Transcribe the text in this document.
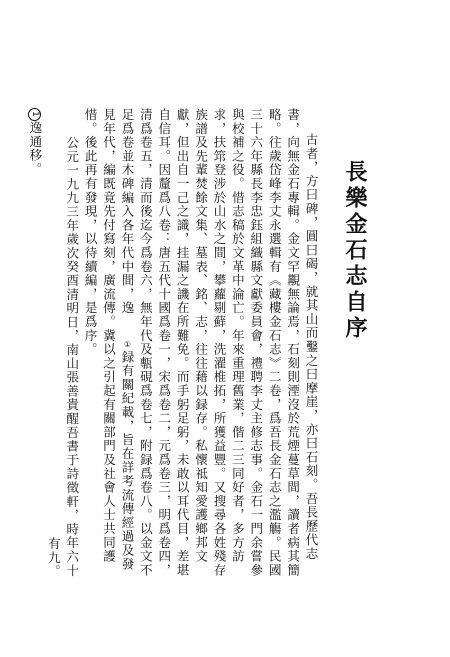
長樂金石志自序

古者，方曰碑，圓曰碣，就其山而鑿之曰摩崖，亦曰石刻。吾長歷代志書，向無金石專輯。金文罕覯無論焉，石刻則湮沒於荒煙蔓草間，讀者病其簡略。往歲岱峰李丈永選輯有《藏樓金石志》二卷，爲吾長金石志之濫觴。民國三十六年縣長李忠鈺組織縣文獻委員會，禮聘李丈主修志事。金石一門余嘗參與校補之役。惜志稿於文革中淪亡。年來重理舊業，偕二三同好者，多方訪求，扶筇登涉於山水之間，攀蘿剔蘚，洗濯椎拓，所獲益豐。又搜尋各姓殘存族譜及先輩焚餘文集、墓表、銘、志，往往藉以録存。私懷祗知愛護鄉邦文獻，但出自一己之識，挂漏之譏在所難免。而手躬足躬，未敢以耳代目，差堪自信耳。因釐爲八卷：唐五代十國爲卷一，宋爲卷二，元爲卷三，明爲卷四，清爲卷五，清而後迄今爲卷六，無年代及甎硯爲卷七，附録爲卷八。以金文不足爲卷並木碑編入各年代中間，逸①録有關紀載，旨在詳考流傳經過及發見年代，編既竟先付寫刻，廣流傳。冀以之引起有關部門及社會人士共同護惜。後此再有發現，以待續編，是爲序。

公元一九九三年歲次癸酉清明日，南山張善貴醒吾書于詩徵軒，時年六十有九。

1逸通移。
